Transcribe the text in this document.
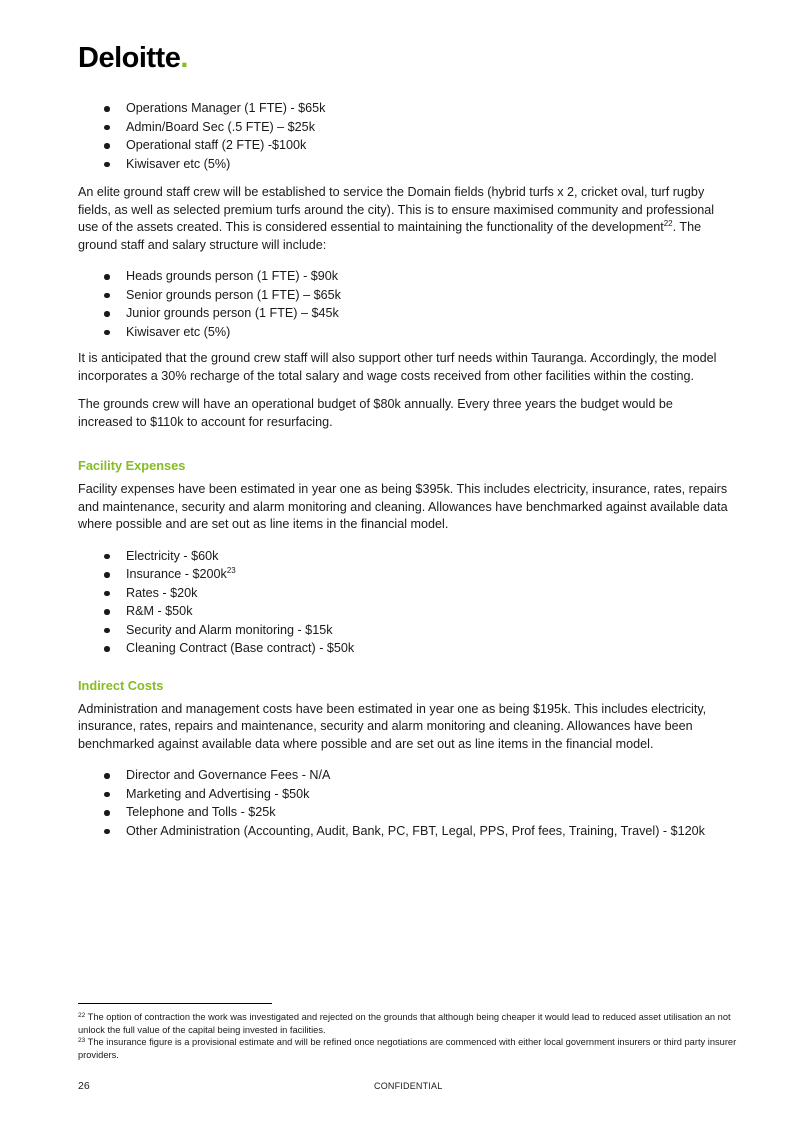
Deloitte.
Operations Manager (1 FTE) - $65k
Admin/Board Sec (.5 FTE) – $25k
Operational staff (2 FTE) -$100k
Kiwisaver etc (5%)

An elite ground staff crew will be established to service the Domain fields (hybrid turfs x 2, cricket oval, turf rugby fields, as well as selected premium turfs around the city). This is to ensure maximised community and professional use of the assets created. This is considered essential to maintaining the functionality of the development$^{22}$. The ground staff and salary structure will include:

Heads grounds person (1 FTE) - $90k
Senior grounds person (1 FTE) – $65k
Junior grounds person (1 FTE) – $45k
Kiwisaver etc (5%)

It is anticipated that the ground crew staff will also support other turf needs within Tauranga. Accordingly, the model incorporates a 30% recharge of the total salary and wage costs received from other facilities within the costing.

The grounds crew will have an operational budget of $80k annually. Every three years the budget would be increased to $110k to account for resurfacing.

Facility Expenses

Facility expenses have been estimated in year one as being $395k. This includes electricity, insurance, rates, repairs and maintenance, security and alarm monitoring and cleaning. Allowances have benchmarked against available data where possible and are set out as line items in the financial model.

Electricity - $60k
Insurance - $\$200k^{23}$
Rates - $20k
R&M - $50k
Security and Alarm monitoring - $15k
Cleaning Contract (Base contract) - $50k
Indirect Costs

Administration and management costs have been estimated in year one as being $195k. This includes electricity, insurance, rates, repairs and maintenance, security and alarm monitoring and cleaning. Allowances have been benchmarked against available data where possible and are set out as line items in the financial model.

Director and Governance Fees - N/A
Marketing and Advertising - $50k
Telephone and Tolls - $25k
Other Administration (Accounting, Audit, Bank, PC, FBT, Legal, PPS, Prof fees, Training, Travel) - $120k

$^{22}$ The option of contraction the work was investigated and rejected on the grounds that although being cheaper it would lead to reduced asset utilisation an not unlock the full value of the capital being invested in facilities.

$^{23}$ The insurance figure is a provisional estimate and will be refined once negotiations are commenced with either local government insurers or third party insurer providers.

26	CONFIDENTIAL
